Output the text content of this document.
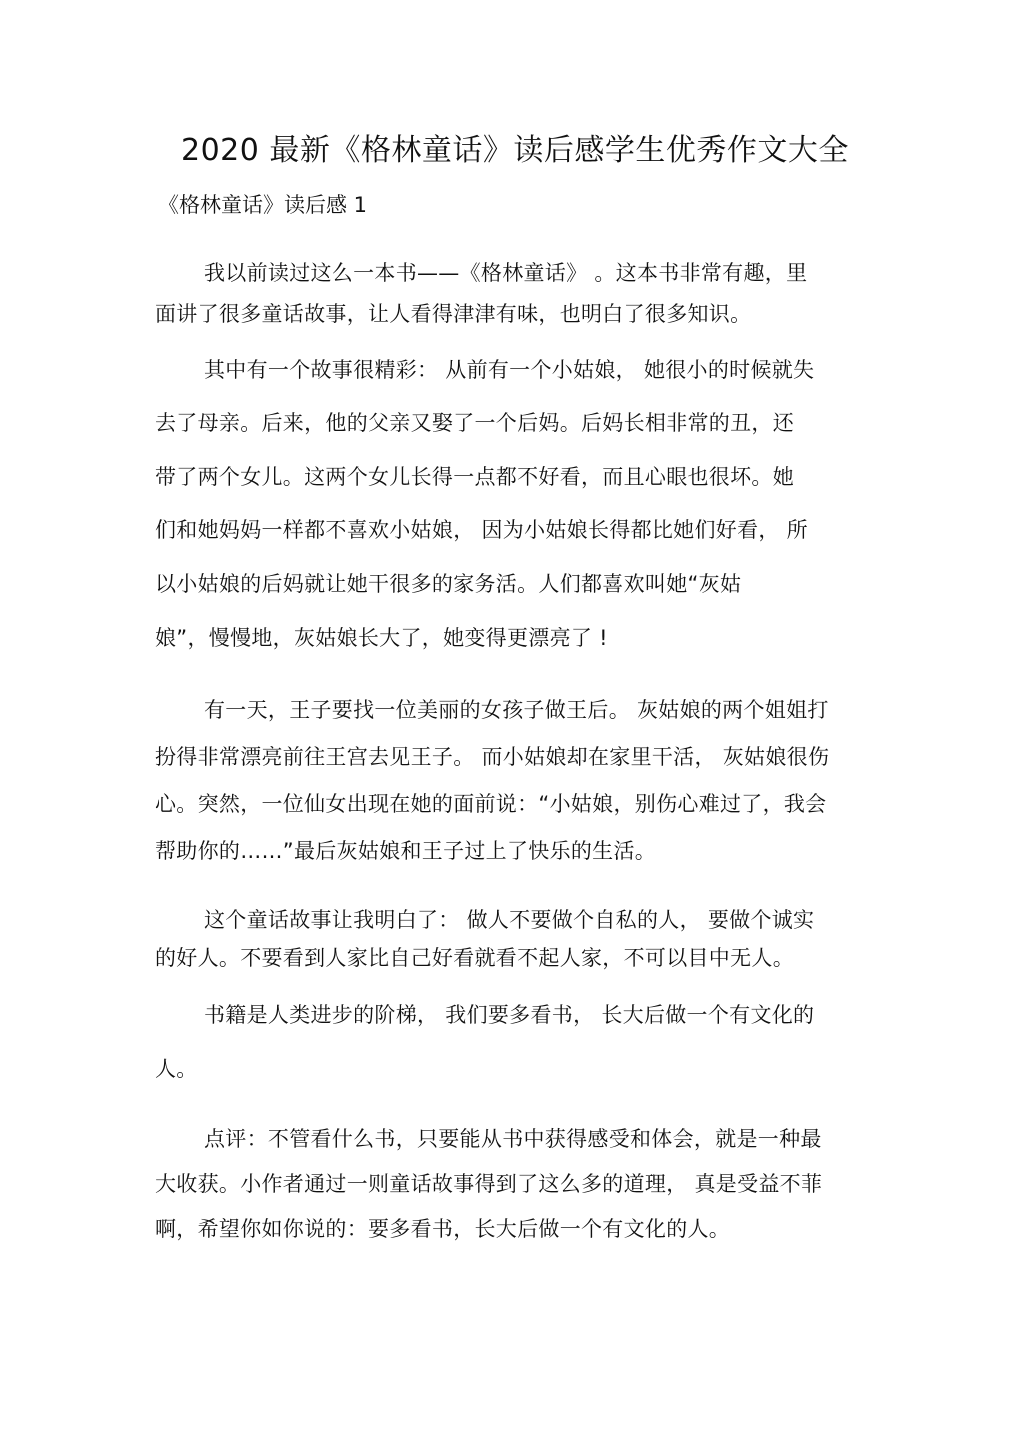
2020 最新《格林童话》读后感学生优秀作文大全
《格林童话》读后感 1
我以前读过这么一本书——《格林童话》 。这本书非常有趣，里
面讲了很多童话故事，让人看得津津有味，也明白了很多知识。
其中有一个故事很精彩： 从前有一个小姑娘， 她很小的时候就失
去了母亲。后来，他的父亲又娶了一个后妈。后妈长相非常的丑，还
带了两个女儿。这两个女儿长得一点都不好看，而且心眼也很坏。她
们和她妈妈一样都不喜欢小姑娘， 因为小姑娘长得都比她们好看， 所
以小姑娘的后妈就让她干很多的家务活。人们都喜欢叫她“灰姑
娘”，慢慢地，灰姑娘长大了，她变得更漂亮了 !
有一天，王子要找一位美丽的女孩子做王后。 灰姑娘的两个姐姐打
扮得非常漂亮前往王宫去见王子。 而小姑娘却在家里干活， 灰姑娘很伤
心。突然，一位仙女出现在她的面前说：“小姑娘，别伤心难过了，我会
帮助你的……”最后灰姑娘和王子过上了快乐的生活。
这个童话故事让我明白了： 做人不要做个自私的人， 要做个诚实
的好人。不要看到人家比自己好看就看不起人家，不可以目中无人。
书籍是人类进步的阶梯， 我们要多看书， 长大后做一个有文化的
人。
点评：不管看什么书，只要能从书中获得感受和体会，就是一种最
大收获。小作者通过一则童话故事得到了这么多的道理， 真是受益不菲
啊，希望你如你说的：要多看书，长大后做一个有文化的人。
